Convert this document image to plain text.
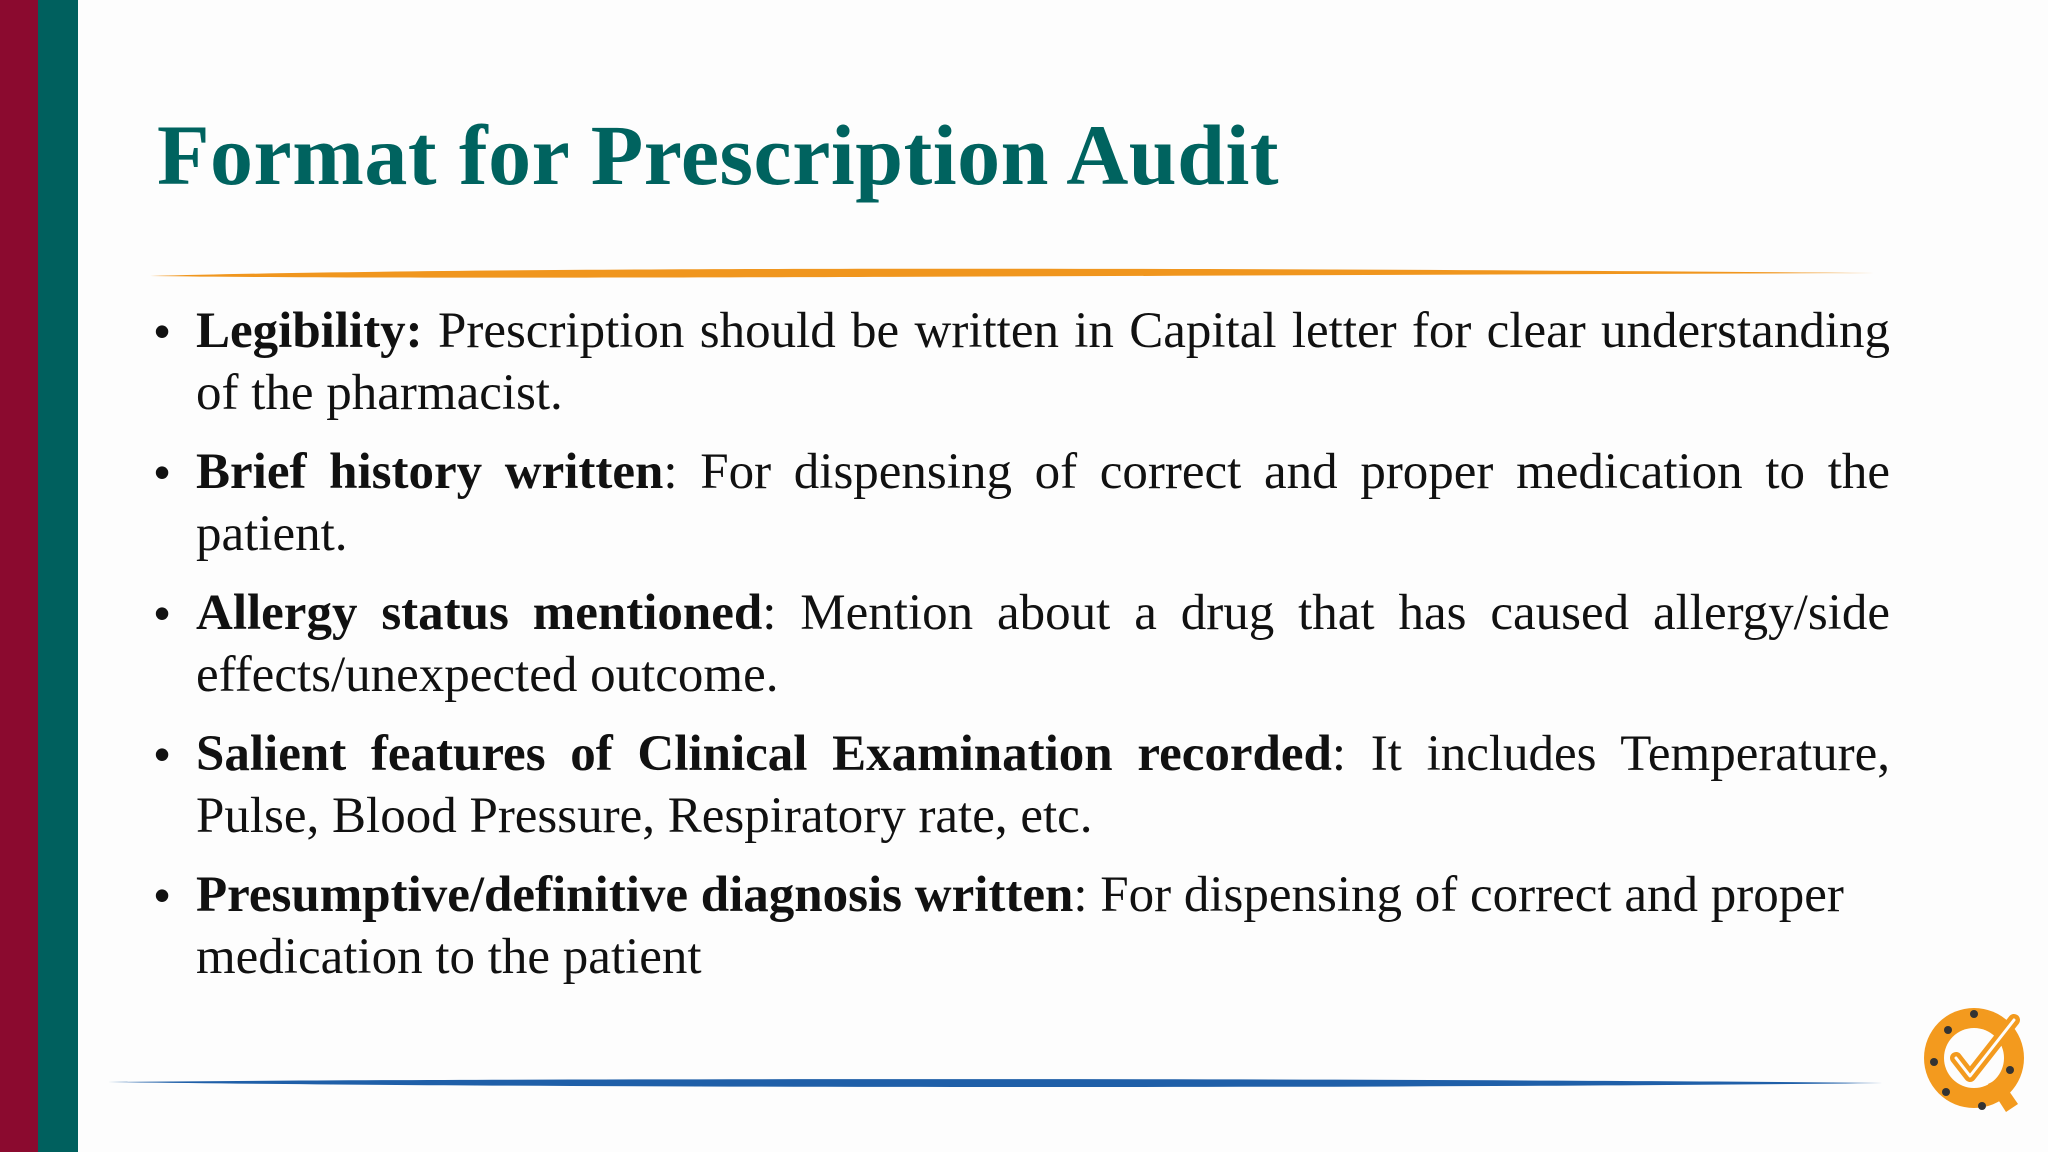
Format for Prescription Audit
• Legibility: Prescription should be written in Capital letter for clear understanding of the pharmacist.
• Brief history written: For dispensing of correct and proper medication to the patient.
• Allergy status mentioned: Mention about a drug that has caused allergy/side effects/unexpected outcome.
• Salient features of Clinical Examination recorded: It includes Temperature, Pulse, Blood Pressure, Respiratory rate, etc.
• Presumptive/definitive diagnosis written: For dispensing of correct and proper medication to the patient
